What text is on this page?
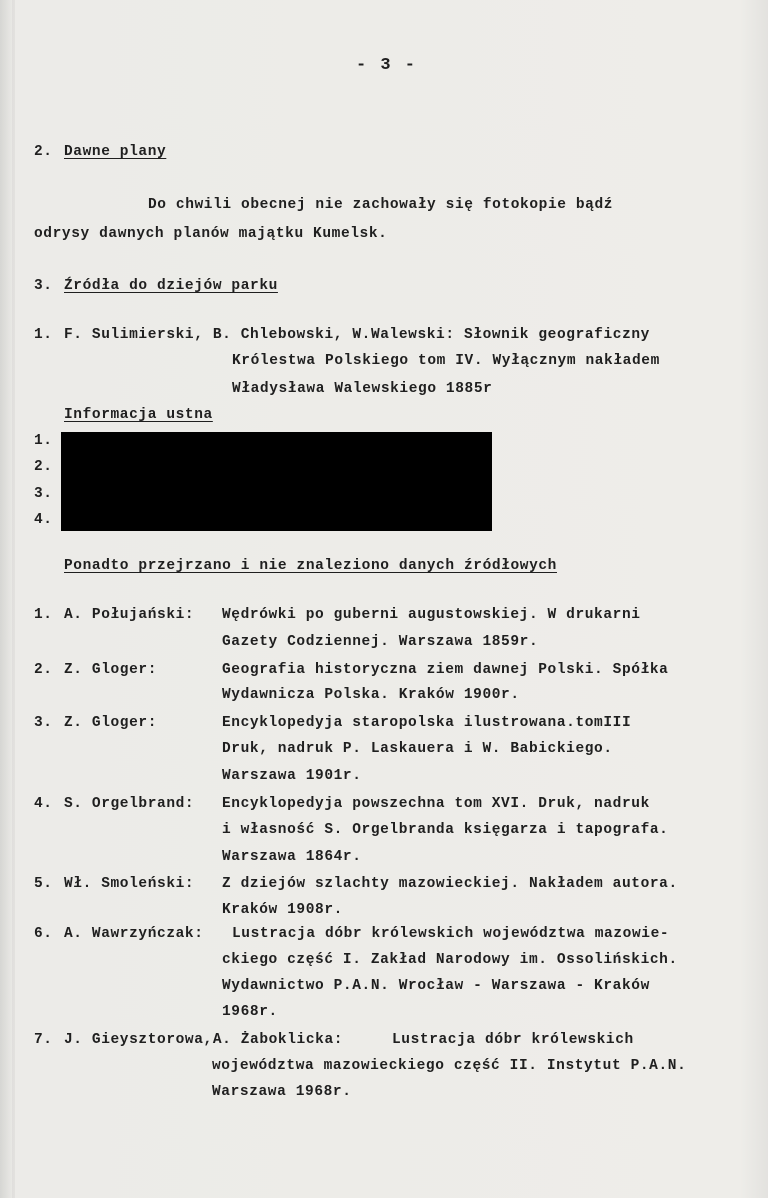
- 3 -
2. Dawne plany
Do chwili obecnej nie zachowały się fotokopie bądź
odrysy dawnych planów majątku Kumelsk.
3. Źródła do dziejów parku
1. F. Sulimierski, B. Chlebowski, W.Walewski: Słownik geograficzny
Królestwa Polskiego tom IV. Wyłącznym nakładem
Władysława Walewskiego 1885r
Informacja ustna
1.
2.
3.
4.
Ponadto przejrzano i nie znaleziono danych źródłowych
1. A. Połujański: Wędrówki po guberni augustowskiej. W drukarni
Gazety Codziennej. Warszawa 1859r.
2. Z. Gloger:	Geografia historyczna ziem dawnej Polski. Spółka
Wydawnicza Polska. Kraków 1900r.
3. Z. Gloger:	Encyklopedyja staropolska ilustrowana.tomIII
Druk, nadruk P. Laskauera i W. Babickiego.
Warszawa 1901r.
4. S. Orgelbrand: Encyklopedyja powszechna tom XVI. Druk, nadruk
i własność S. Orgelbranda księgarza i tapografa.
Warszawa 1864r.
5. Wł. Smoleński: Z dziejów szlachty mazowieckiej. Nakładem autora.
Kraków 1908r.
6. A. Wawrzyńczak: Lustracja dóbr królewskich województwa mazowie-
ckiego część I. Zakład Narodowy im. Ossolińskich.
Wydawnictwo P.A.N. Wrocław - Warszawa - Kraków
1968r.
7. J. Gieysztorowa,A. Żaboklicka:	Lustracja dóbr królewskich
województwa mazowieckiego część II. Instytut P.A.N.
Warszawa 1968r.
